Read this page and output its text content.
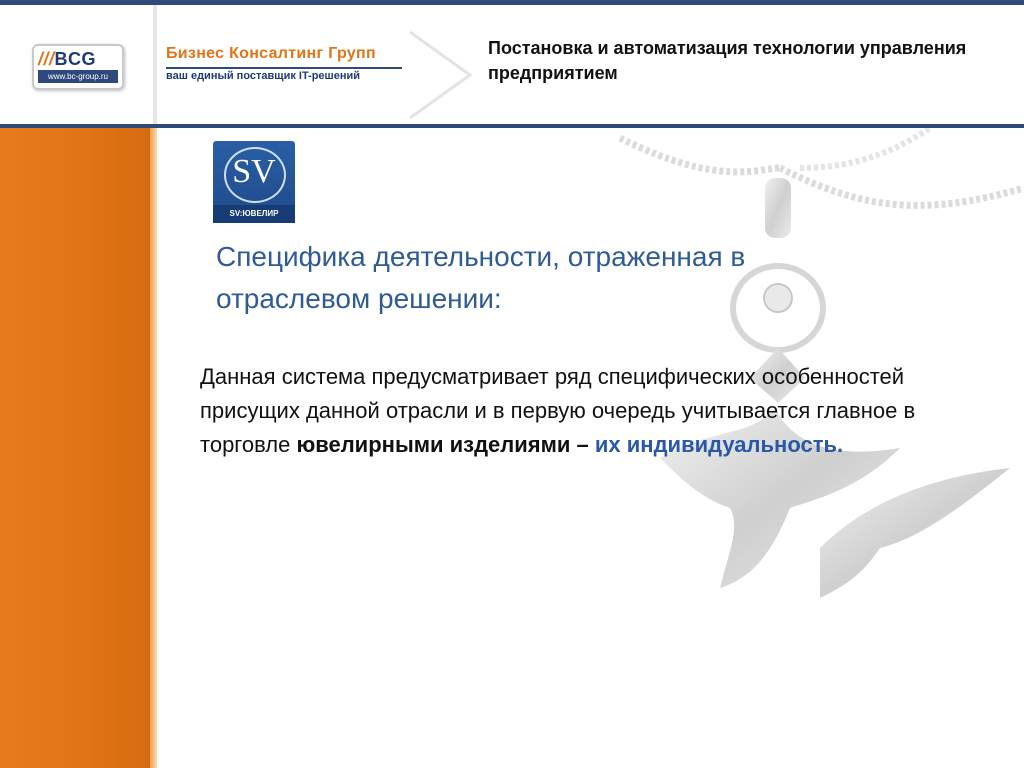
///BCG
www.bc-group.ru
Бизнес Консалтинг Групп
ваш единый поставщик IT-решений
Постановка и автоматизация технологии управления предприятием
SV
SV:ЮВЕЛИР
Специфика деятельности, отраженная в отраслевом решении:
Данная система предусматривает ряд специфических особенностей присущих данной отрасли и в первую очередь учитывается главное в торговле ювелирными изделиями – их индивидуальность.
